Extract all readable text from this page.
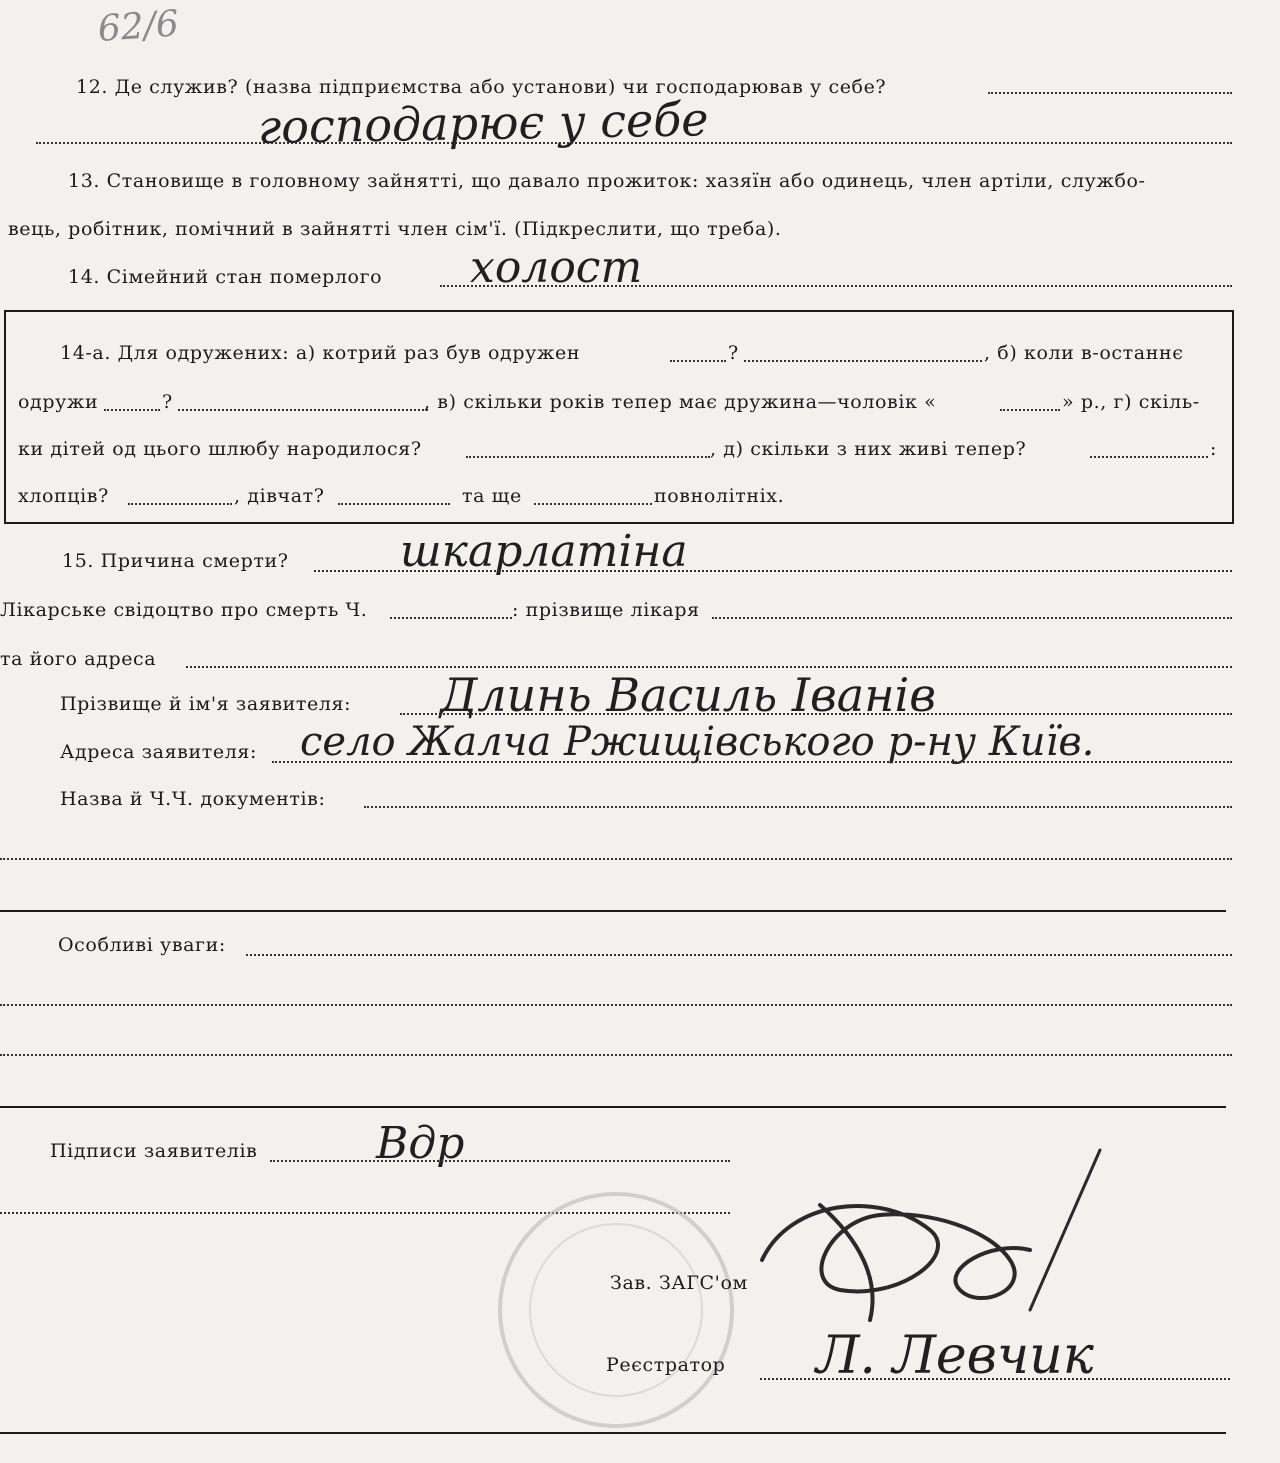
62/6
12. Де служив? (назва підприємства або установи) чи господарював у себе?
господарює у себе
13. Становище в головному зайнятті, що давало прожиток: хазяїн або одинець, член артіли, службо-
вець, робітник, помічний в зайнятті член сім'ї. (Підкреслити, що треба).
14. Сімейний стан померлого холост
14-а. Для одружених: а) котрий раз був одружен	?	, б) коли в-останнє
одружи	?	, в) скільки років тепер має дружина—чоловік «	» р., г) скіль-
ки дітей од цього шлюбу народилося?	, д) скільки з них живі тепер?	:
хлопців?	, дівчат?	та ще	повнолітніх.
15. Причина смерти?	шкарлатіна
Лікарське свідоцтво про смерть Ч.	: прізвище лікаря
та його адреса
Прізвище й ім'я заявителя: Длинь Василь Іванів
Адреса заявителя: село Жалча Ржищівського р-ну Київ.
Назва й Ч.Ч. документів:
Особливі уваги:
Підписи заявителів	Вдр
Зав. ЗАГС'ом
Реєстратор Л. Левчик
